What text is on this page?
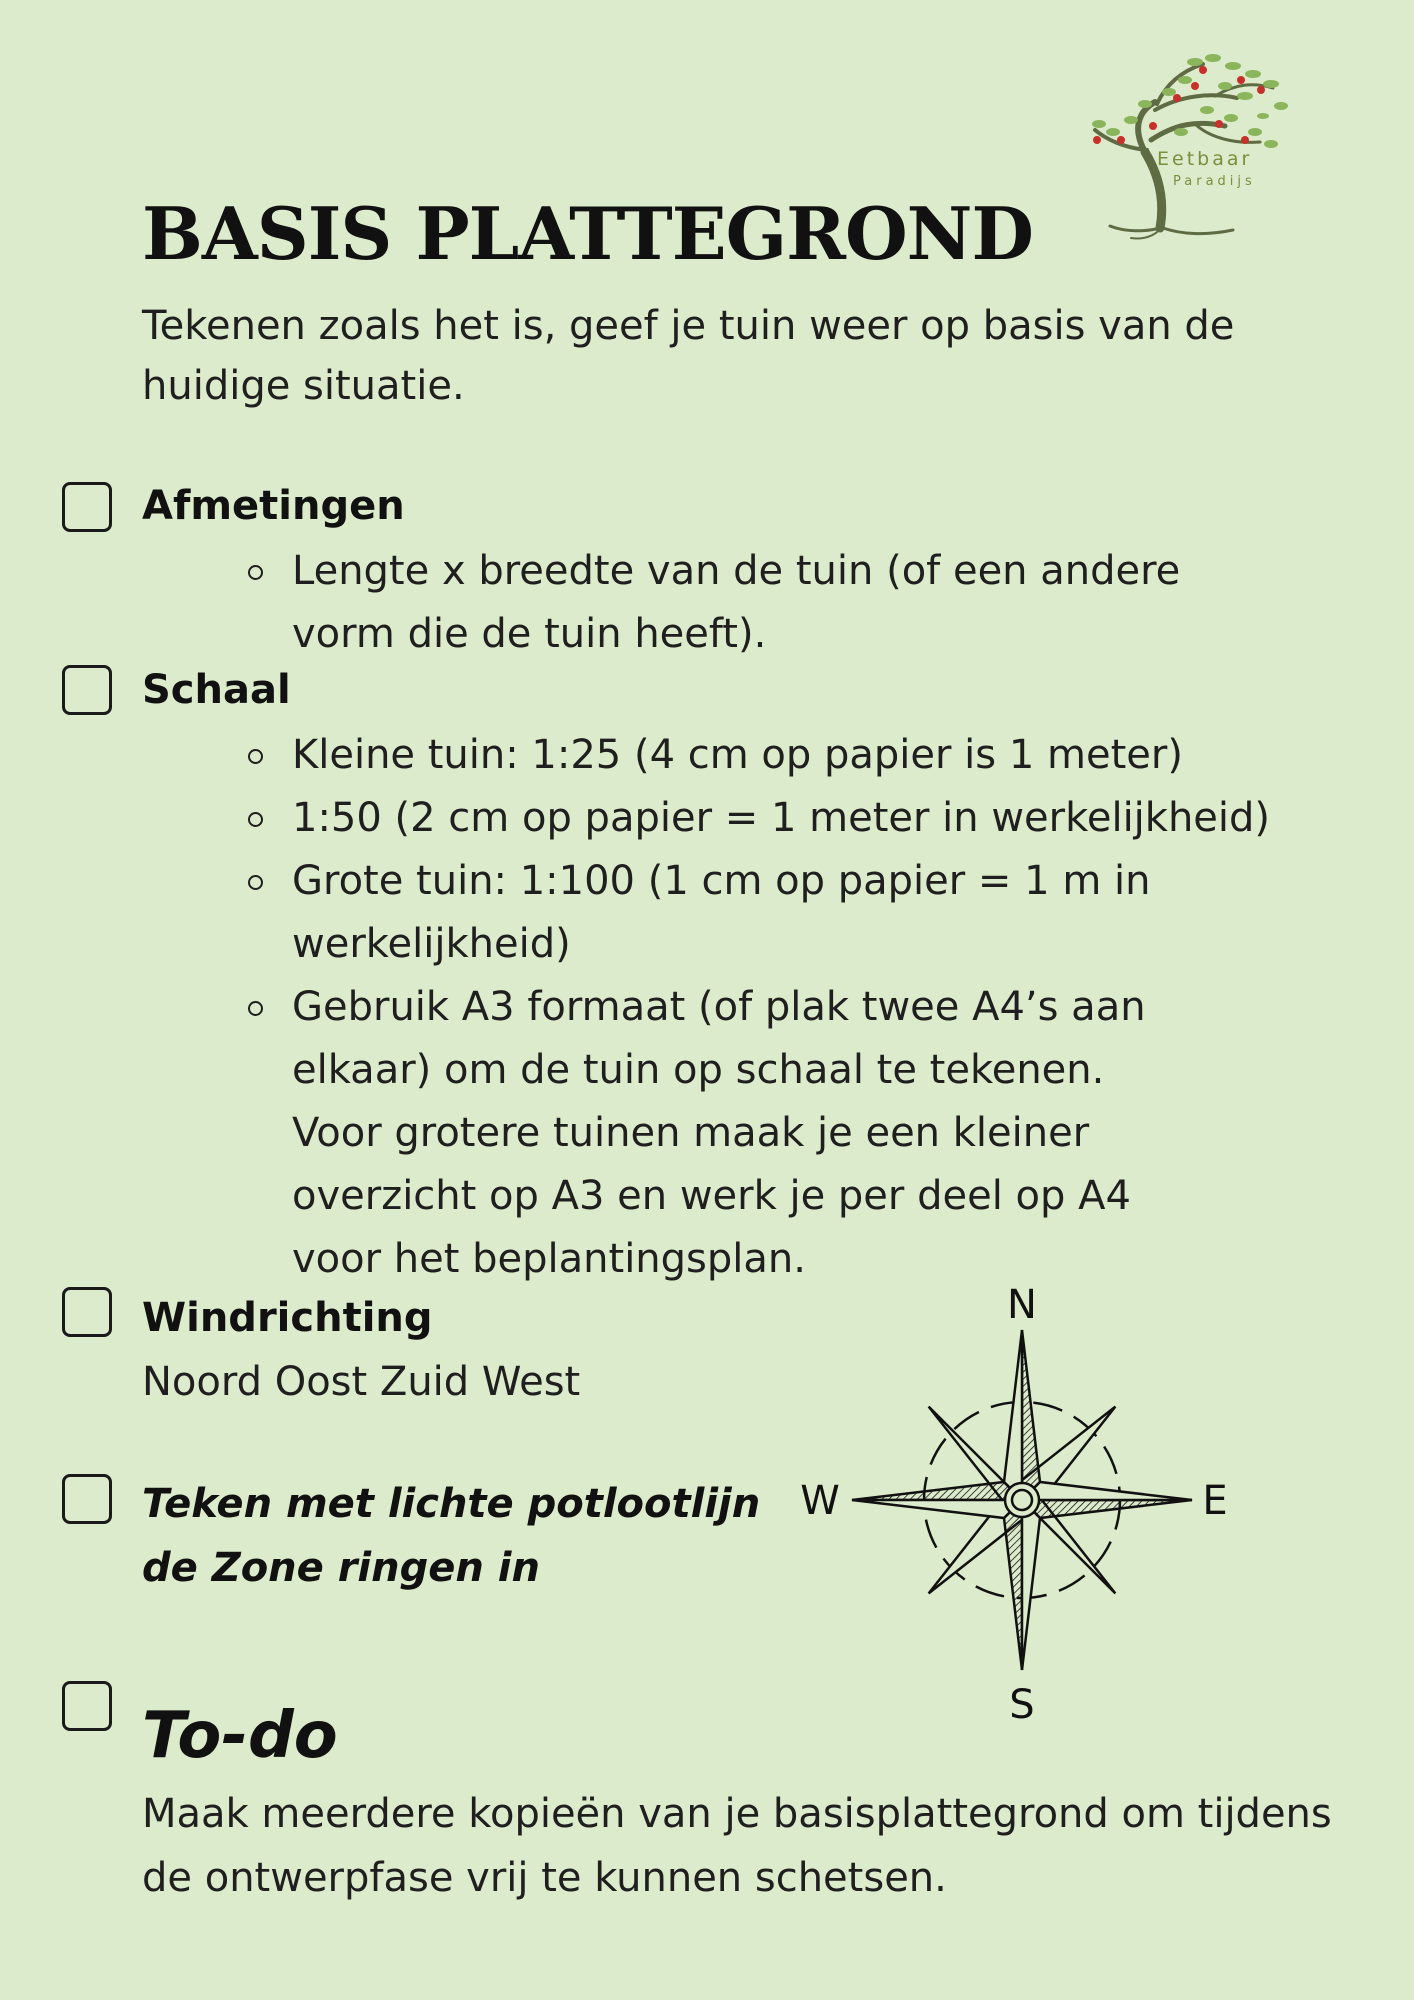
Eetbaar
Paradijs
BASIS PLATTEGROND

Tekenen zoals het is, geef je tuin weer op basis van de huidige situatie.

Afmetingen
Lengte x breedte van de tuin (of een andere vorm die de tuin heeft).
Schaal
Kleine tuin: 1:25 (4 cm op papier is 1 meter)
1:50 (2 cm op papier = 1 meter in werkelijkheid)
Grote tuin: 1:100 (1 cm op papier = 1 m in werkelijkheid)
Gebruik A3 formaat (of plak twee A4’s aan elkaar) om de tuin op schaal te tekenen. Voor grotere tuinen maak je een kleiner overzicht op A3 en werk je per deel op A4 voor het beplantingsplan.
Windrichting

Noord Oost Zuid West

Teken met lichte potlootlijn
de Zone ringen in
N
E
S
W
To-do

Maak meerdere kopieën van je basisplattegrond om tijdens de ontwerpfase vrij te kunnen schetsen.
